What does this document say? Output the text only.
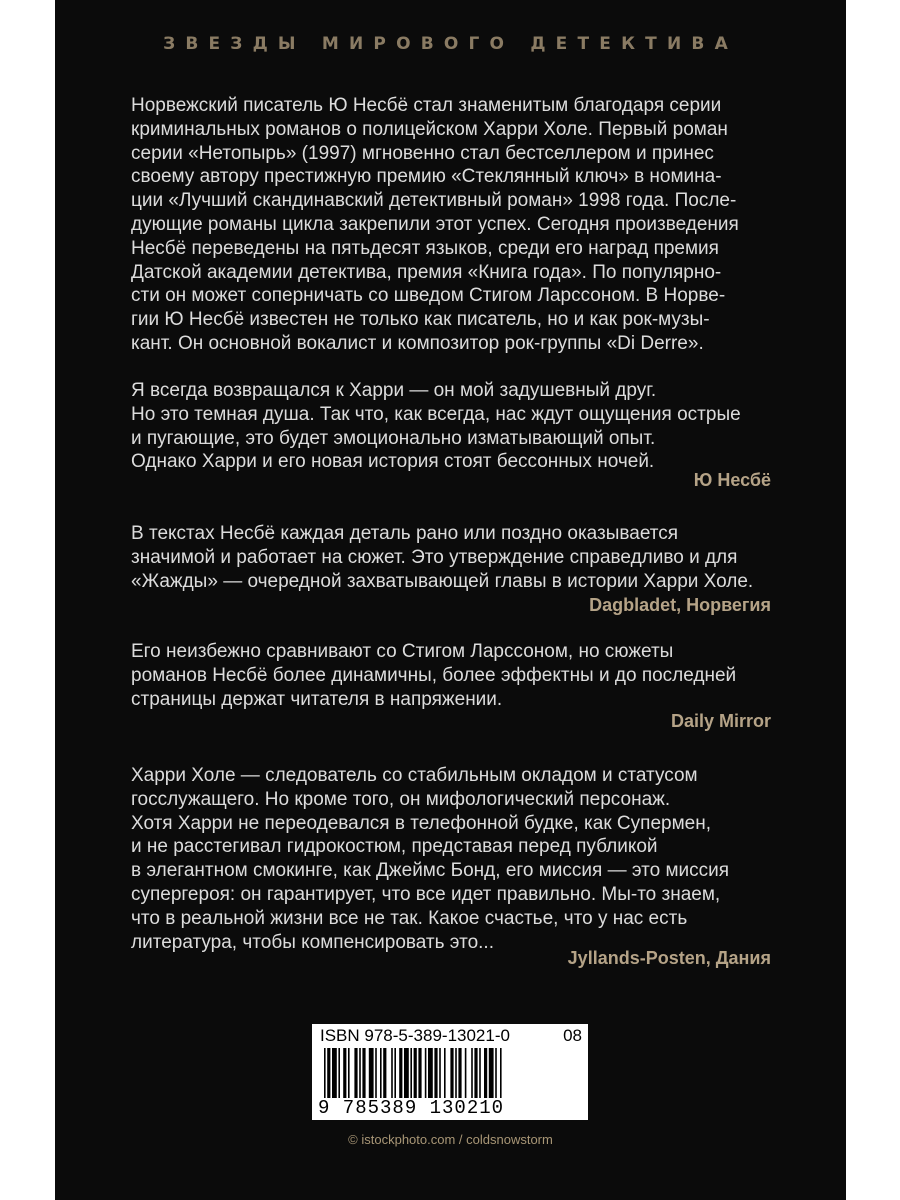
ЗВЕЗДЫ МИРОВОГО ДЕТЕКТИВА

Норвежский писатель Ю Несбё стал знаменитым благодаря серии

криминальных романов о полицейском Харри Холе. Первый роман

серии «Нетопырь» (1997) мгновенно стал бестселлером и принес

своему автору престижную премию «Стеклянный ключ» в номина-

ции «Лучший скандинавский детективный роман» 1998 года. После-

дующие романы цикла закрепили этот успех. Сегодня произведения

Несбё переведены на пятьдесят языков, среди его наград премия

Датской академии детектива, премия «Книга года». По популярно-

сти он может соперничать со шведом Стигом Ларссоном. В Норве-

гии Ю Несбё известен не только как писатель, но и как рок-музы-

кант. Он основной вокалист и композитор рок-группы «Di Derre».

Я всегда возвращался к Харри — он мой задушевный друг.

Но это темная душа. Так что, как всегда, нас ждут ощущения острые

и пугающие, это будет эмоционально изматывающий опыт.

Однако Харри и его новая история стоят бессонных ночей.

Ю Несбё

В текстах Несбё каждая деталь рано или поздно оказывается

значимой и работает на сюжет. Это утверждение справедливо и для

«Жажды» — очередной захватывающей главы в истории Харри Холе.

Dagbladet, Норвегия

Его неизбежно сравнивают со Стигом Ларссоном, но сюжеты

романов Несбё более динамичны, более эффектны и до последней

страницы держат читателя в напряжении.

Daily Mirror

Харри Холе — следователь со стабильным окладом и статусом

госслужащего. Но кроме того, он мифологический персонаж.

Хотя Харри не переодевался в телефонной будке, как Супермен,

и не расстегивал гидрокостюм, представая перед публикой

в элегантном смокинге, как Джеймс Бонд, его миссия — это миссия

супергероя: он гарантирует, что все идет правильно. Мы-то знаем,

что в реальной жизни все не так. Какое счастье, что у нас есть

литература, чтобы компенсировать это...

Jyllands-Posten, Дания
ISBN 978-5-389-13021-0	08
9 785389 130210
© istockphoto.com / coldsnowstorm
